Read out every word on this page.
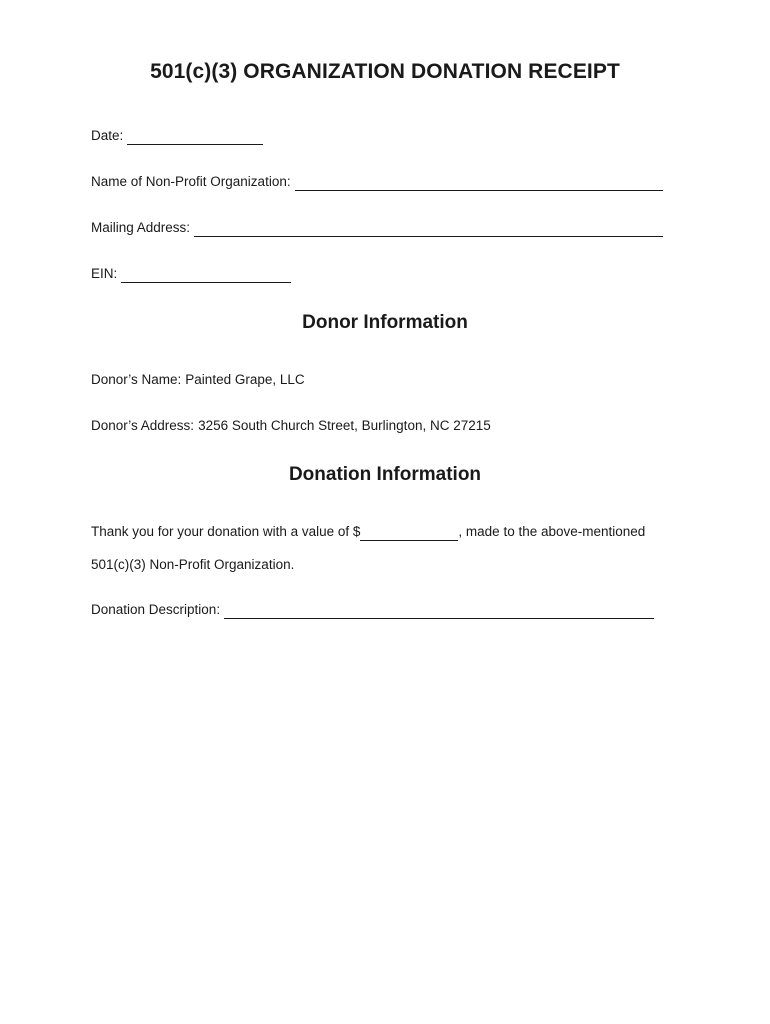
501(c)(3) ORGANIZATION DONATION RECEIPT
Date:
Name of Non-Profit Organization:
Mailing Address:
EIN:
Donor Information
Donor’s Name: Painted Grape, LLC
Donor’s Address: 3256 South Church Street, Burlington, NC 27215
Donation Information
Thank you for your donation with a value of $	, made to the above-mentioned
501(c)(3) Non-Profit Organization.
Donation Description:
